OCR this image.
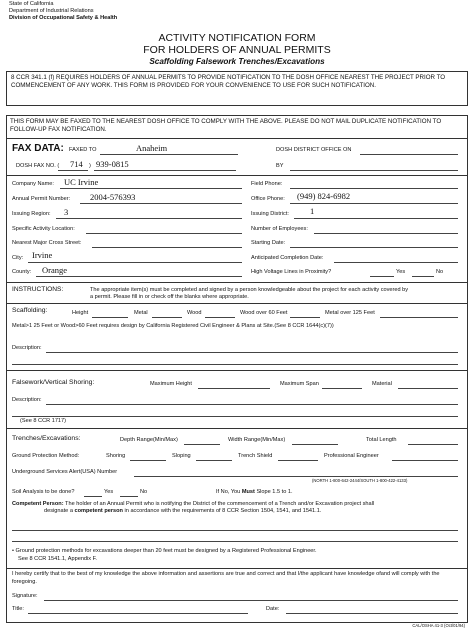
State of California
Department of Industrial Relations
Division of Occupational Safety & Health
ACTIVITY NOTIFICATION FORM
FOR HOLDERS OF ANNUAL PERMITS
Scaffolding Falsework Trenches/Excavations
8 CCR 341.1 (f) REQUIRES HOLDERS OF ANNUAL PERMITS TO PROVIDE NOTIFICATION TO THE DOSH OFFICE NEAREST THE PROJECT PRIOR TO COMMENCEMENT OF ANY WORK. THIS FORM IS PROVIDED FOR YOUR CONVENIENCE TO USE FOR SUCH NOTIFICATION.
THIS FORM MAY BE FAXED TO THE NEAREST DOSH OFFICE TO COMPLY WITH THE ABOVE. PLEASE DO NOT MAIL DUPLICATE NOTIFICATION TO FOLLOW-UP FAX NOTIFICATION.
FAX DATA: FAXED TO	Anaheim	DOSH DISTRICT OFFICE ON
DOSH FAX NO. ( 714 ) 939-0815	BY
Company Name: UC Irvine	Field Phone:
Annual Permit Number: 2004-576393	Office Phone: (949) 824-6982
Issuing Region: 3	Issuing District: 1
Specific Activity Location:	Number of Employees:
Nearest Major Cross Street:	Starting Date:
City: Irvine	Anticipated Completion Date:
County: Orange	High Voltage Lines in Proximity?	Yes	No
INSTRUCTIONS:	The appropriate item(s) must be completed and signed by a person knowledgeable about the project for each activity covered by
a permit. Please fill in or check off the blanks where appropriate.
Scaffolding:	Height	Metal	Wood	Wood over 60 Feet	Metal over 125 Feet
Metal>1 25 Feet or Wood>60 Feet requires design by California Registered Civil Engineer & Plans at Site.(See 8 CCR 1644(c)(7))
Description:
Falsework/Vertical Shoring:	Maximum Height	Maximum Span	Material
Description:
(See 8 CCR 1717)
Trenches/Excavations:	Depth Range(Min/Max)	Width Range(Min/Max)	Total Length
Ground Protection Method:	Shoring	Sloping	Trench Shield	Professional Engineer
Underground Services Alert(USA) Number
(NORTH 1-800-642-2444/SOUTH 1-800-422-4133)
Soil Analysis to be done?	Yes	No	If No, You Must Slope 1.5 to 1.
Competent Person: The holder of an Annual Permit who is notifying the District of the commencement of a Trench and/or Excavation project shall
designate a competent person in accordance with the requirements of 8 CCR Section 1504, 1541, and 1541.1.
• Ground protection methods for excavations deeper than 20 feet must be designed by a Registered Professional Engineer.
See 8 CCR 1541.1, Appendix F.
I hereby certify that to the best of my knowledge the above information and assertions are true and correct and that I/the applicant have knowledge ofand will comply with the foregoing.
Signature:
Title:	Date:
CAL/OSHA 41-3 (Oct/01/94)
